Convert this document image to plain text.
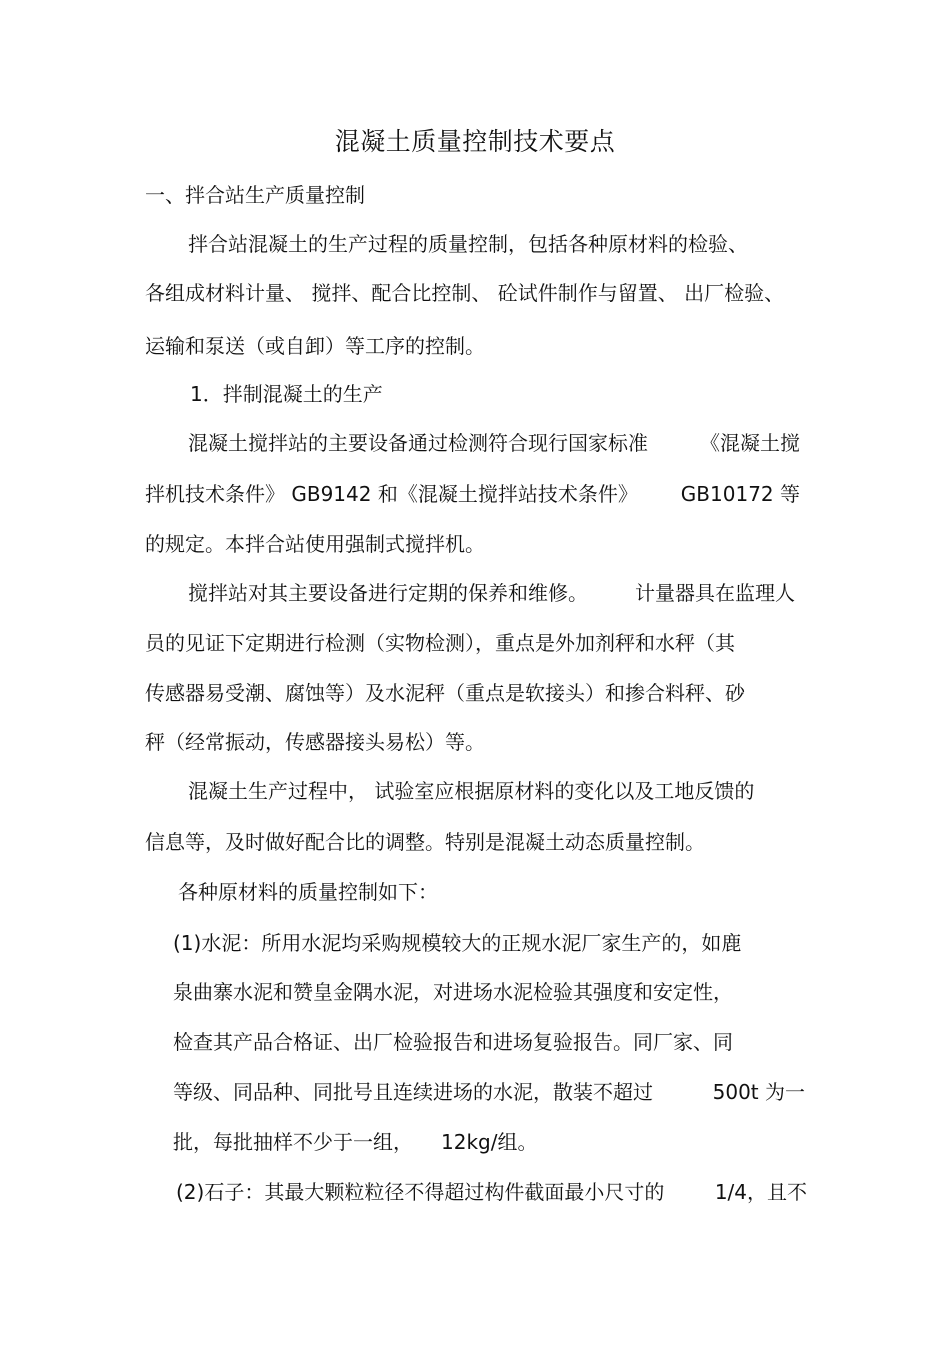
混凝土质量控制技术要点
一、拌合站生产质量控制
拌合站混凝土的生产过程的质量控制，包括各种原材料的检验、
各组成材料计量、 搅拌、配合比控制、 砼试件制作与留置、 出厂检验、
运输和泵送（或自卸）等工序的控制。
1．拌制混凝土的生产
混凝土搅拌站的主要设备通过检测符合现行国家标准	《混凝土搅
拌机技术条件》 GB9142 和《混凝土搅拌站技术条件》 GB10172 等
的规定。本拌合站使用强制式搅拌机。
搅拌站对其主要设备进行定期的保养和维修。 计量器具在监理人
员的见证下定期进行检测（实物检测），重点是外加剂秤和水秤（其
传感器易受潮、腐蚀等）及水泥秤（重点是软接头）和掺合料秤、砂
秤（经常振动，传感器接头易松）等。
混凝土生产过程中， 试验室应根据原材料的变化以及工地反馈的
信息等，及时做好配合比的调整。特别是混凝土动态质量控制。
各种原材料的质量控制如下：
(1)水泥：所用水泥均采购规模较大的正规水泥厂家生产的，如鹿
泉曲寨水泥和赞皇金隅水泥，对进场水泥检验其强度和安定性，
检查其产品合格证、出厂检验报告和进场复验报告。同厂家、同
等级、同品种、同批号且连续进场的水泥，散装不超过	500t 为一
批，每批抽样不少于一组， 12kg/组。
(2)石子：其最大颗粒粒径不得超过构件截面最小尺寸的	1/4，且不
